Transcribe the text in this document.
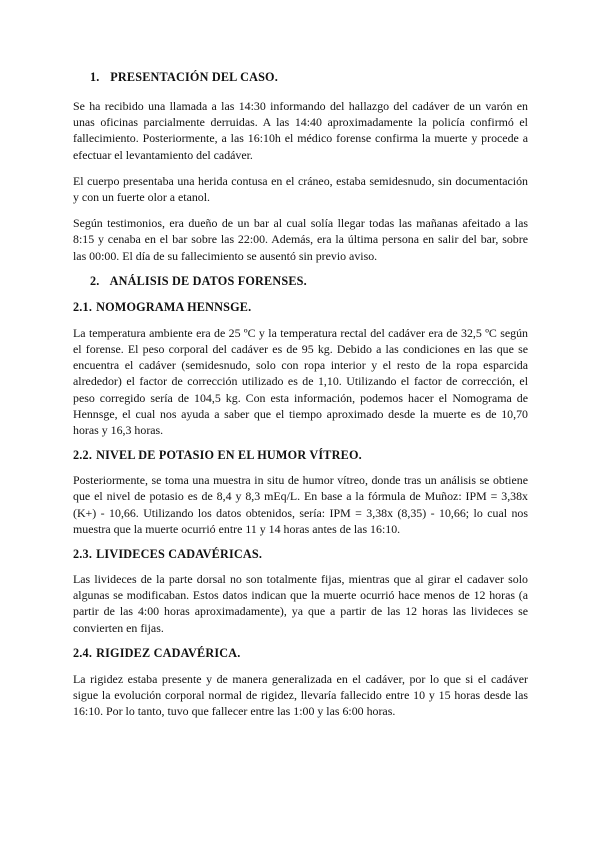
1. PRESENTACIÓN DEL CASO.

Se ha recibido una llamada a las 14:30 informando del hallazgo del cadáver de un varón en unas oficinas parcialmente derruidas. A las 14:40 aproximadamente la policía confirmó el fallecimiento. Posteriormente, a las 16:10h el médico forense confirma la muerte y procede a efectuar el levantamiento del cadáver.

El cuerpo presentaba una herida contusa en el cráneo, estaba semidesnudo, sin documentación y con un fuerte olor a etanol.

Según testimonios, era dueño de un bar al cual solía llegar todas las mañanas afeitado a las 8:15 y cenaba en el bar sobre las 22:00. Además, era la última persona en salir del bar, sobre las 00:00. El día de su fallecimiento se ausentó sin previo aviso.

2. ANÁLISIS DE DATOS FORENSES.
2.1. NOMOGRAMA HENNSGE.

La temperatura ambiente era de 25 ºC y la temperatura rectal del cadáver era de 32,5 ºC según el forense. El peso corporal del cadáver es de 95 kg. Debido a las condiciones en las que se encuentra el cadáver (semidesnudo, solo con ropa interior y el resto de la ropa esparcida alrededor) el factor de corrección utilizado es de 1,10. Utilizando el factor de corrección, el peso corregido sería de 104,5 kg. Con esta información, podemos hacer el Nomograma de Hennsge, el cual nos ayuda a saber que el tiempo aproximado desde la muerte es de 10,70 horas y 16,3 horas.

2.2. NIVEL DE POTASIO EN EL HUMOR VÍTREO.

Posteriormente, se toma una muestra in situ de humor vítreo, donde tras un análisis se obtiene que el nivel de potasio es de 8,4 y 8,3 mEq/L. En base a la fórmula de Muñoz: IPM = 3,38x (K+) - 10,66. Utilizando los datos obtenidos, sería: IPM = 3,38x (8,35) - 10,66; lo cual nos muestra que la muerte ocurrió entre 11 y 14 horas antes de las 16:10.

2.3. LIVIDECES CADAVÉRICAS.

Las livideces de la parte dorsal no son totalmente fijas, mientras que al girar el cadaver solo algunas se modificaban. Estos datos indican que la muerte ocurrió hace menos de 12 horas (a partir de las 4:00 horas aproximadamente), ya que a partir de las 12 horas las livideces se convierten en fijas.

2.4. RIGIDEZ CADAVÉRICA.

La rigidez estaba presente y de manera generalizada en el cadáver, por lo que si el cadáver sigue la evolución corporal normal de rigidez, llevaría fallecido entre 10 y 15 horas desde las 16:10. Por lo tanto, tuvo que fallecer entre las 1:00 y las 6:00 horas.
